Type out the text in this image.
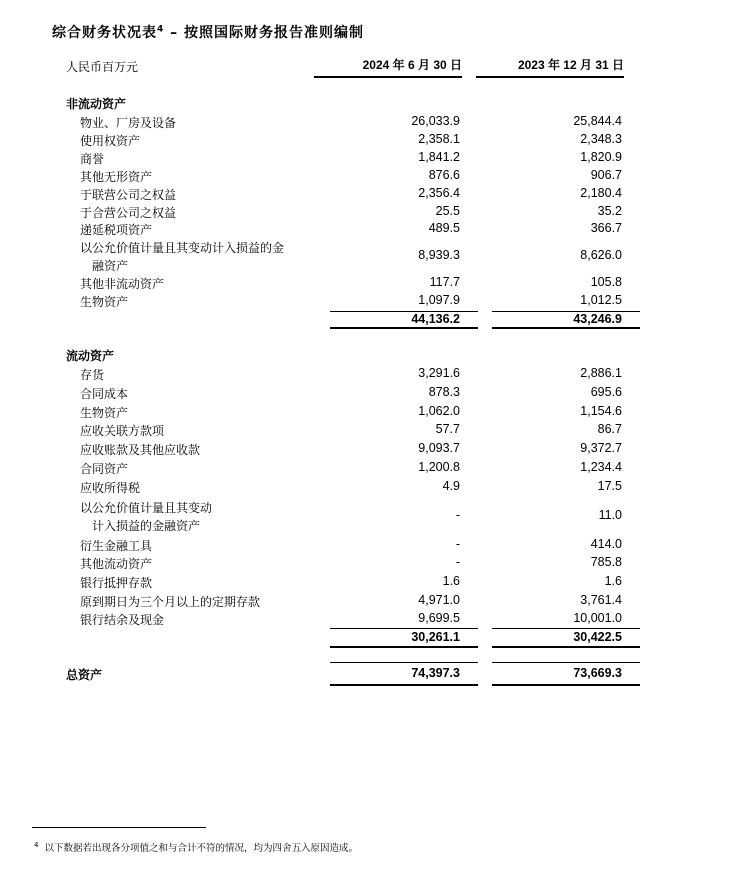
综合财务状况表$^4$ – 按照国际财务报告准则编制
人民币百万元	2024 年 6 月 30 日	2023 年 12 月 31 日
非流动资产
物业、厂房及设备	26,033.9	25,844.4
使用权资产	2,358.1	2,348.3
商誉	1,841.2	1,820.9
其他无形资产	876.6	906.7
于联营公司之权益	2,356.4	2,180.4
于合营公司之权益	25.5	35.2
递延税项资产	489.5	366.7
以公允价值计量且其变动计入损益的金
融资产
8,939.3	8,626.0
其他非流动资产	117.7	105.8
生物资产	1,097.9	1,012.5
44,136.2	43,246.9
流动资产
存货	3,291.6	2,886.1
合同成本	878.3	695.6
生物资产	1,062.0	1,154.6
应收关联方款项	57.7	86.7
应收账款及其他应收款	9,093.7	9,372.7
合同资产	1,200.8	1,234.4
应收所得税	4.9	17.5
以公允价值计量且其变动
计入损益的金融资产
-	11.0
衍生金融工具	-	414.0
其他流动资产	-	785.8
银行抵押存款	1.6	1.6
原到期日为三个月以上的定期存款	4,971.0	3,761.4
银行结余及现金	9,699.5	10,001.0
30,261.1	30,422.5
总资产	74,397.3	73,669.3
$^4$ 以下数据若出现各分项值之和与合计不符的情况，均为四舍五入原因造成。
